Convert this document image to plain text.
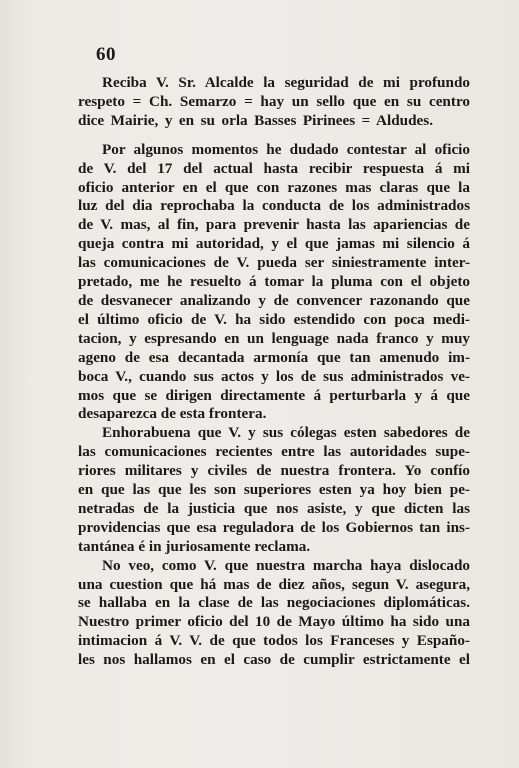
60
Reciba V. Sr. Alcalde la seguridad de mi profundo
respeto = Ch. Semarzo = hay un sello que en su centro
dice Mairie, y en su orla Basses Pirinees = Aldudes.
Por algunos momentos he dudado contestar al oficio
de V. del 17 del actual hasta recibir respuesta á mi
oficio anterior en el que con razones mas claras que la
luz del dia reprochaba la conducta de los administrados
de V. mas, al fin, para prevenir hasta las apariencias de
queja contra mi autoridad, y el que jamas mi silencio á
las comunicaciones de V. pueda ser siniestramente inter-
pretado, me he resuelto á tomar la pluma con el objeto
de desvanecer analizando y de convencer razonando que
el último oficio de V. ha sido estendido con poca medi-
tacion, y espresando en un lenguage nada franco y muy
ageno de esa decantada armonía que tan amenudo im-
boca V., cuando sus actos y los de sus administrados ve-
mos que se dirigen directamente á perturbarla y á que
desaparezca de esta frontera.
Enhorabuena que V. y sus cólegas esten sabedores de
las comunicaciones recientes entre las autoridades supe-
riores militares y civiles de nuestra frontera. Yo confío
en que las que les son superiores esten ya hoy bien pe-
netradas de la justicia que nos asiste, y que dicten las
providencias que esa reguladora de los Gobiernos tan ins-
tantánea é in juriosamente reclama.
No veo, como V. que nuestra marcha haya dislocado
una cuestion que há mas de diez años, segun V. asegura,
se hallaba en la clase de las negociaciones diplomáticas.
Nuestro primer oficio del 10 de Mayo último ha sido una
intimacion á V. V. de que todos los Franceses y Españo-
les nos hallamos en el caso de cumplir estrictamente el
